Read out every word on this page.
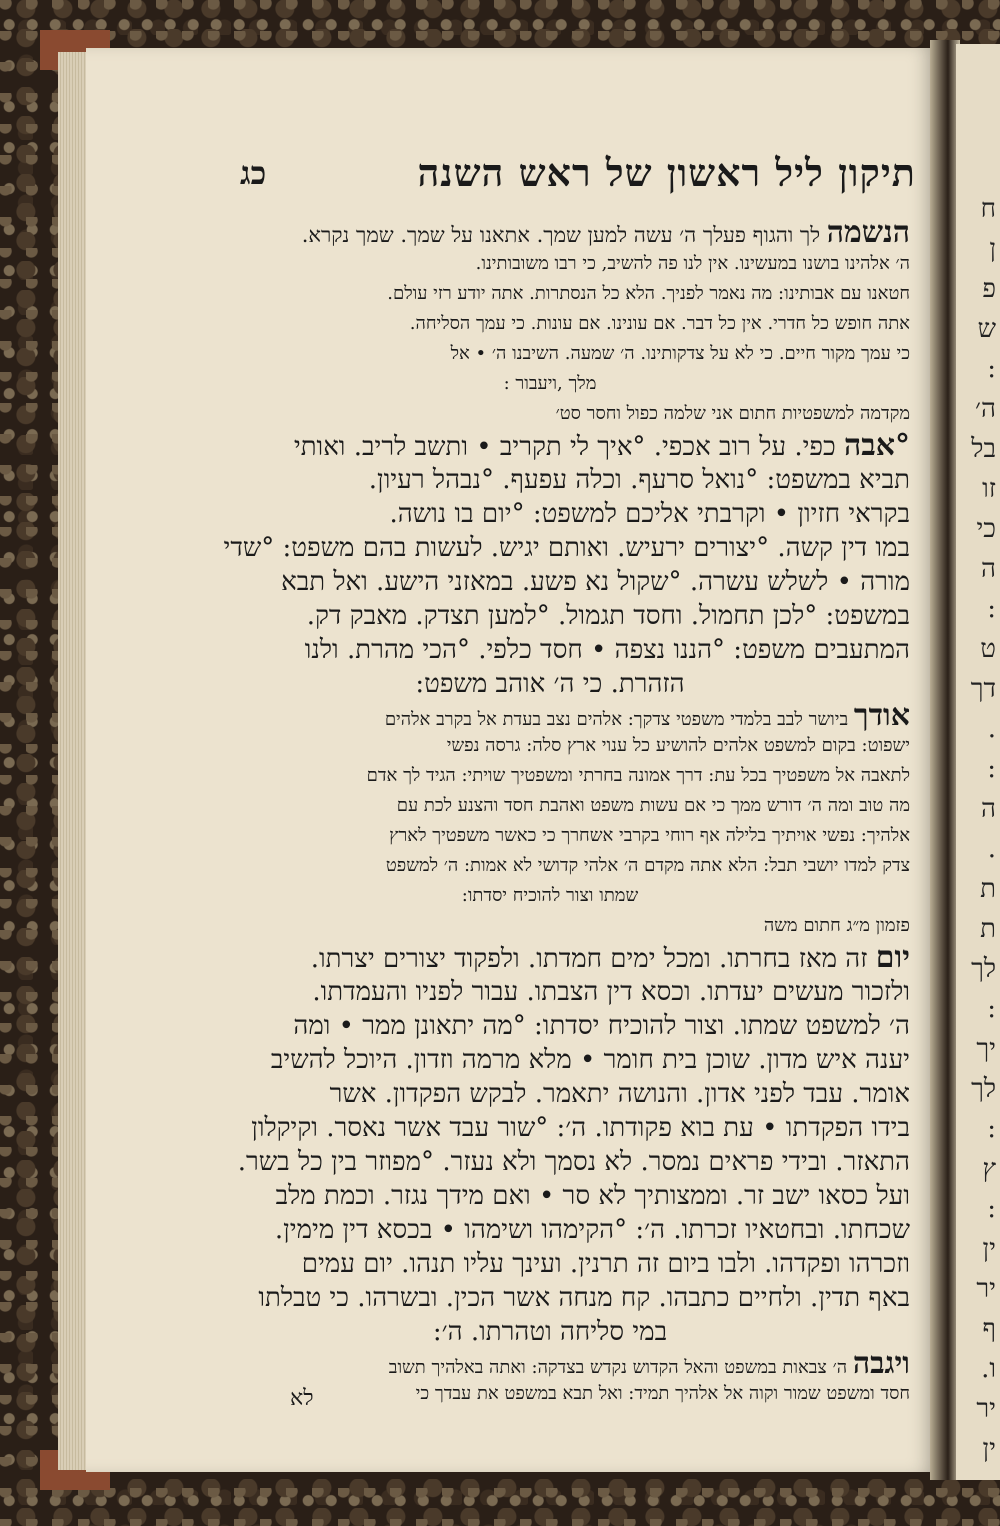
ח
ן
פ
ש
:
ה׳
בל
זו
כי
ה
:
ט
דך
.
:
ה
.
ת
ת
לך
:
יך
לך
:
ץ
:
ין
יר
ף
ו.
יר
ין
תיקון ליל ראשון של ראש השנה
כג
הנשמה לך והגוף פעלך ה׳ עשה למען שמך. אתאנו על שמך. שמך נקרא.
ה׳ אלהינו בושנו במעשינו. אין לנו פה להשיב, כי רבו משובותינו.
חטאנו עם אבותינו: מה נאמר לפניך. הלא כל הנסתרות. אתה יודע רזי עולם.
אתה חופש כל חדרי. אין כל דבר. אם עונינו. אם עונות. כי עמך הסליחה.
כי עמך מקור חיים. כי לא על צדקותינו. ה׳ שמעה. השיבנו ה׳ • אל
מלך ,ויעבור :
מקדמה למשפטיות חתום אני שלמה כפול וחסר סט׳
°אבה כפי. על רוב אכפי. °איך לי תקריב • ותשב לריב. ואותי
תביא במשפט: °נואל סרעף. וכלה עפעף. °נבהל רעיון.
בקראי חזיון • וקרבתי אליכם למשפט: °יום בו נושה.
במו דין קשה. °יצורים ירעיש. ואותם יגיש. לעשות בהם משפט: °שדי
מורה • לשלש עשרה. °שקול נא פשע. במאזני הישע. ואל תבא
במשפט: °לכן תחמול. וחסד תגמול. °למען תצדק. מאבק דק.
המתעבים משפט: °הננו נצפה • חסד כלפי. °הכי מהרת. ולנו
הזהרת. כי ה׳ אוהב משפט:
אודך ביושר לבב בלמדי משפטי צדקך: אלהים נצב בעדת אל בקרב אלהים
ישפוט: בקום למשפט אלהים להושיע כל ענוי ארץ סלה: גרסה נפשי
לתאבה אל משפטיך בכל עת: דרך אמונה בחרתי ומשפטיך שויתי: הגיד לך אדם
מה טוב ומה ה׳ דורש ממך כי אם עשות משפט ואהבת חסד והצנע לכת עם
אלהיך: נפשי אויתיך בלילה אף רוחי בקרבי אשחרך כי כאשר משפטיך לארץ
צדק למדו יושבי תבל: הלא אתה מקדם ה׳ אלהי קדושי לא אמות: ה׳ למשפט
שמתו וצור להוכיח יסדתו:
פזמון מ״ג חתום משה
יום זה מאז בחרתו. ומכל ימים חמדתו. ולפקוד יצורים יצרתו.
ולזכור מעשים יעדתו. וכסא דין הצבתו. עבור לפניו והעמדתו.
ה׳ למשפט שמתו. וצור להוכיח יסדתו: °מה יתאונן ממר • ומה
יענה איש מדון. שוכן בית חומר • מלא מרמה וזדון. היוכל להשיב
אומר. עבד לפני אדון. והנושה יתאמר. לבקש הפקדון. אשר
בידו הפקדתו • עת בוא פקודתו. ה׳: °שור עבד אשר נאסר. וקיקלון
התאזר. ובידי פראים נמסר. לא נסמך ולא נעזר. °מפוזר בין כל בשר.
ועל כסאו ישב זר. וממצותיך לא סר • ואם מידך נגזר. וכמת מלב
שכחתו. ובחטאיו זכרתו. ה׳: °הקימהו ושימהו • בכסא דין מימין.
וזכרהו ופקדהו. ולבו ביום זה תרנין. ועינך עליו תנהו. יום עמים
באף תדין. ולחיים כתבהו. קח מנחה אשר הכין. ובשרהו. כי טבלתו
במי סליחה וטהרתו. ה׳:
ויגבה ה׳ צבאות במשפט והאל הקדוש נקדש בצדקה: ואתה באלהיך תשוב
חסד ומשפט שמור וקוה אל אלהיך תמיד: ואל תבא במשפט את עבדך כי
לא
